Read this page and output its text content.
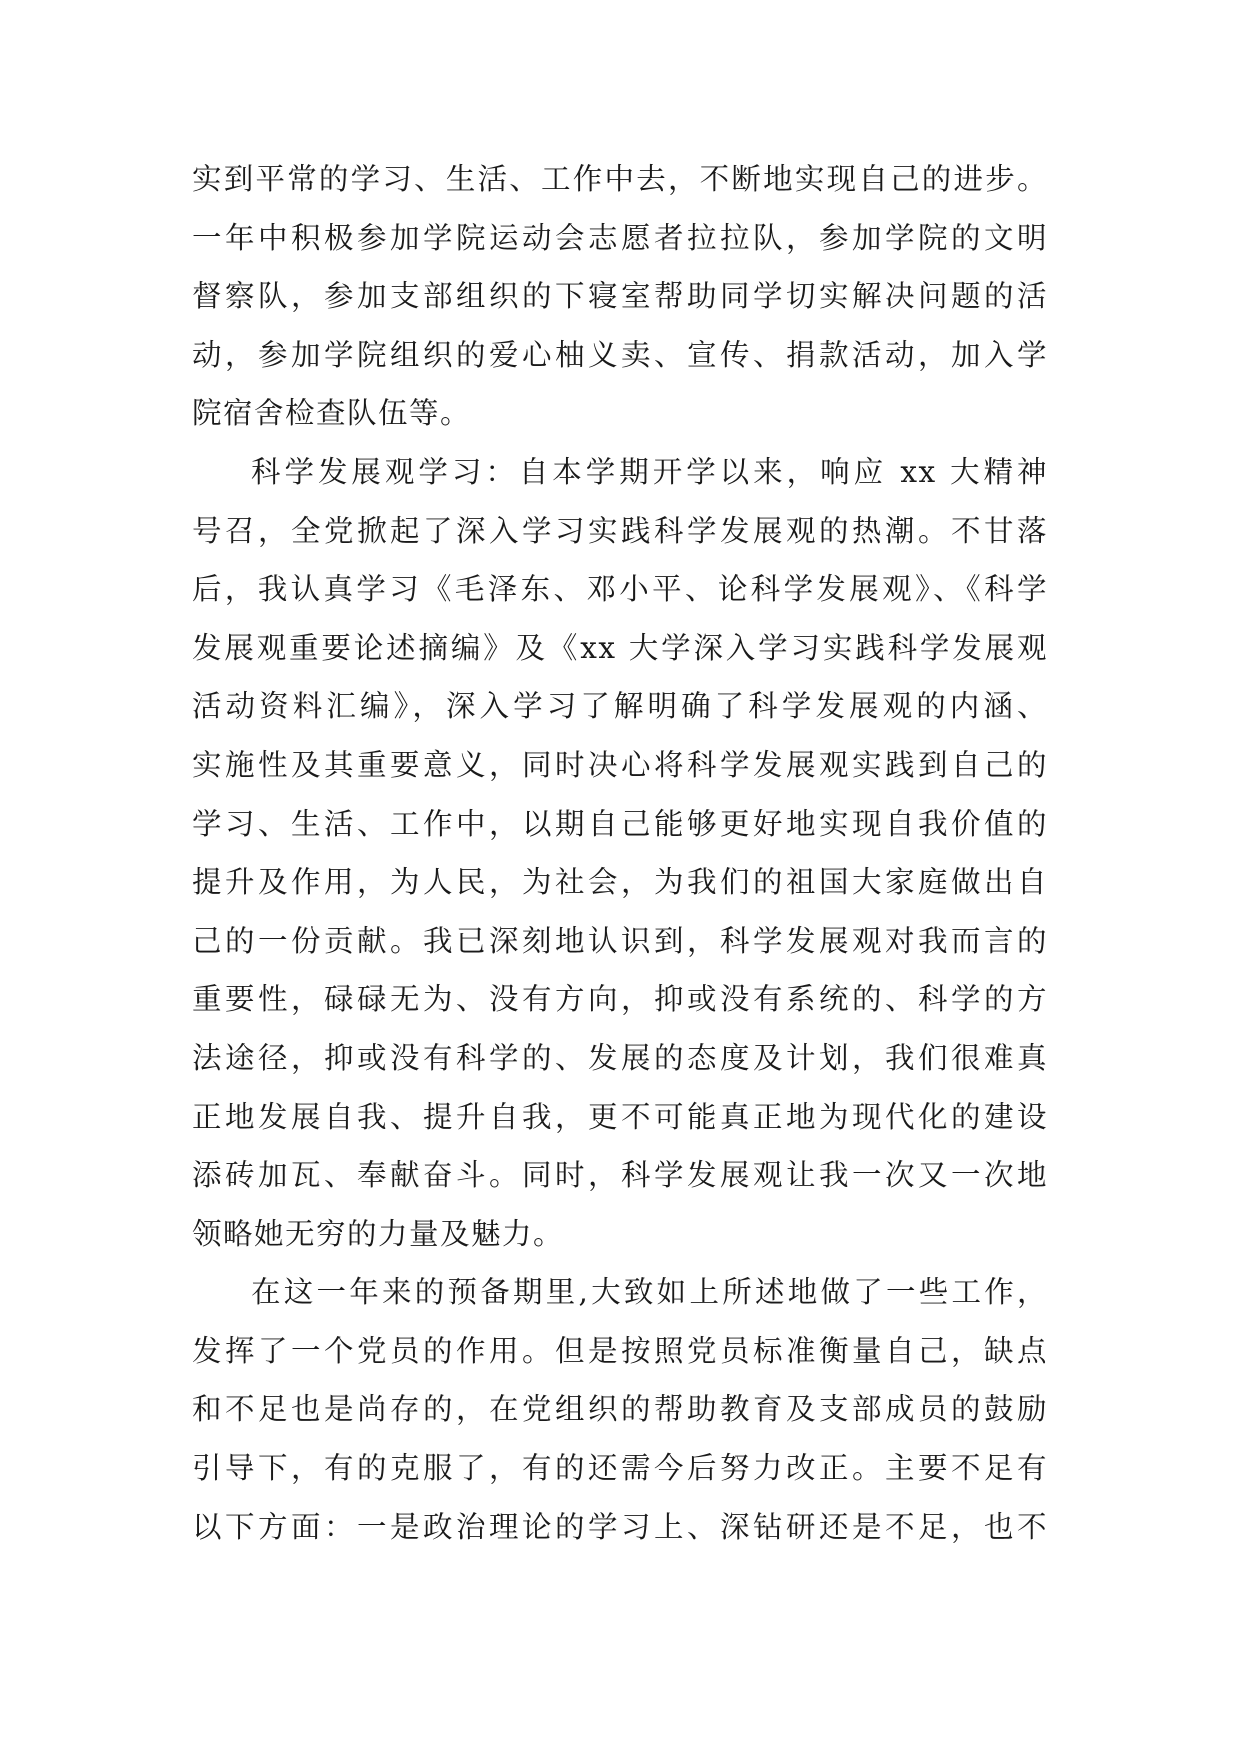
实到平常的学习、生活、工作中去，不断地实现自己的进步。
一年中积极参加学院运动会志愿者拉拉队，参加学院的文明
督察队，参加支部组织的下寝室帮助同学切实解决问题的活
动，参加学院组织的爱心柚义卖、宣传、捐款活动，加入学
院宿舍检查队伍等。
科学发展观学习：自本学期开学以来，响应 xx 大精神
号召，全党掀起了深入学习实践科学发展观的热潮。不甘落
后，我认真学习《毛泽东、邓小平、论科学发展观》、《科学
发展观重要论述摘编》及《xx 大学深入学习实践科学发展观
活动资料汇编》，深入学习了解明确了科学发展观的内涵、
实施性及其重要意义，同时决心将科学发展观实践到自己的
学习、生活、工作中，以期自己能够更好地实现自我价值的
提升及作用，为人民，为社会，为我们的祖国大家庭做出自
己的一份贡献。我已深刻地认识到，科学发展观对我而言的
重要性，碌碌无为、没有方向，抑或没有系统的、科学的方
法途径，抑或没有科学的、发展的态度及计划，我们很难真
正地发展自我、提升自我，更不可能真正地为现代化的建设
添砖加瓦、奉献奋斗。同时，科学发展观让我一次又一次地
领略她无穷的力量及魅力。
在这一年来的预备期里,大致如上所述地做了一些工作，
发挥了一个党员的作用。但是按照党员标准衡量自己，缺点
和不足也是尚存的，在党组织的帮助教育及支部成员的鼓励
引导下，有的克服了，有的还需今后努力改正。主要不足有
以下方面：一是政治理论的学习上、深钻研还是不足，也不
